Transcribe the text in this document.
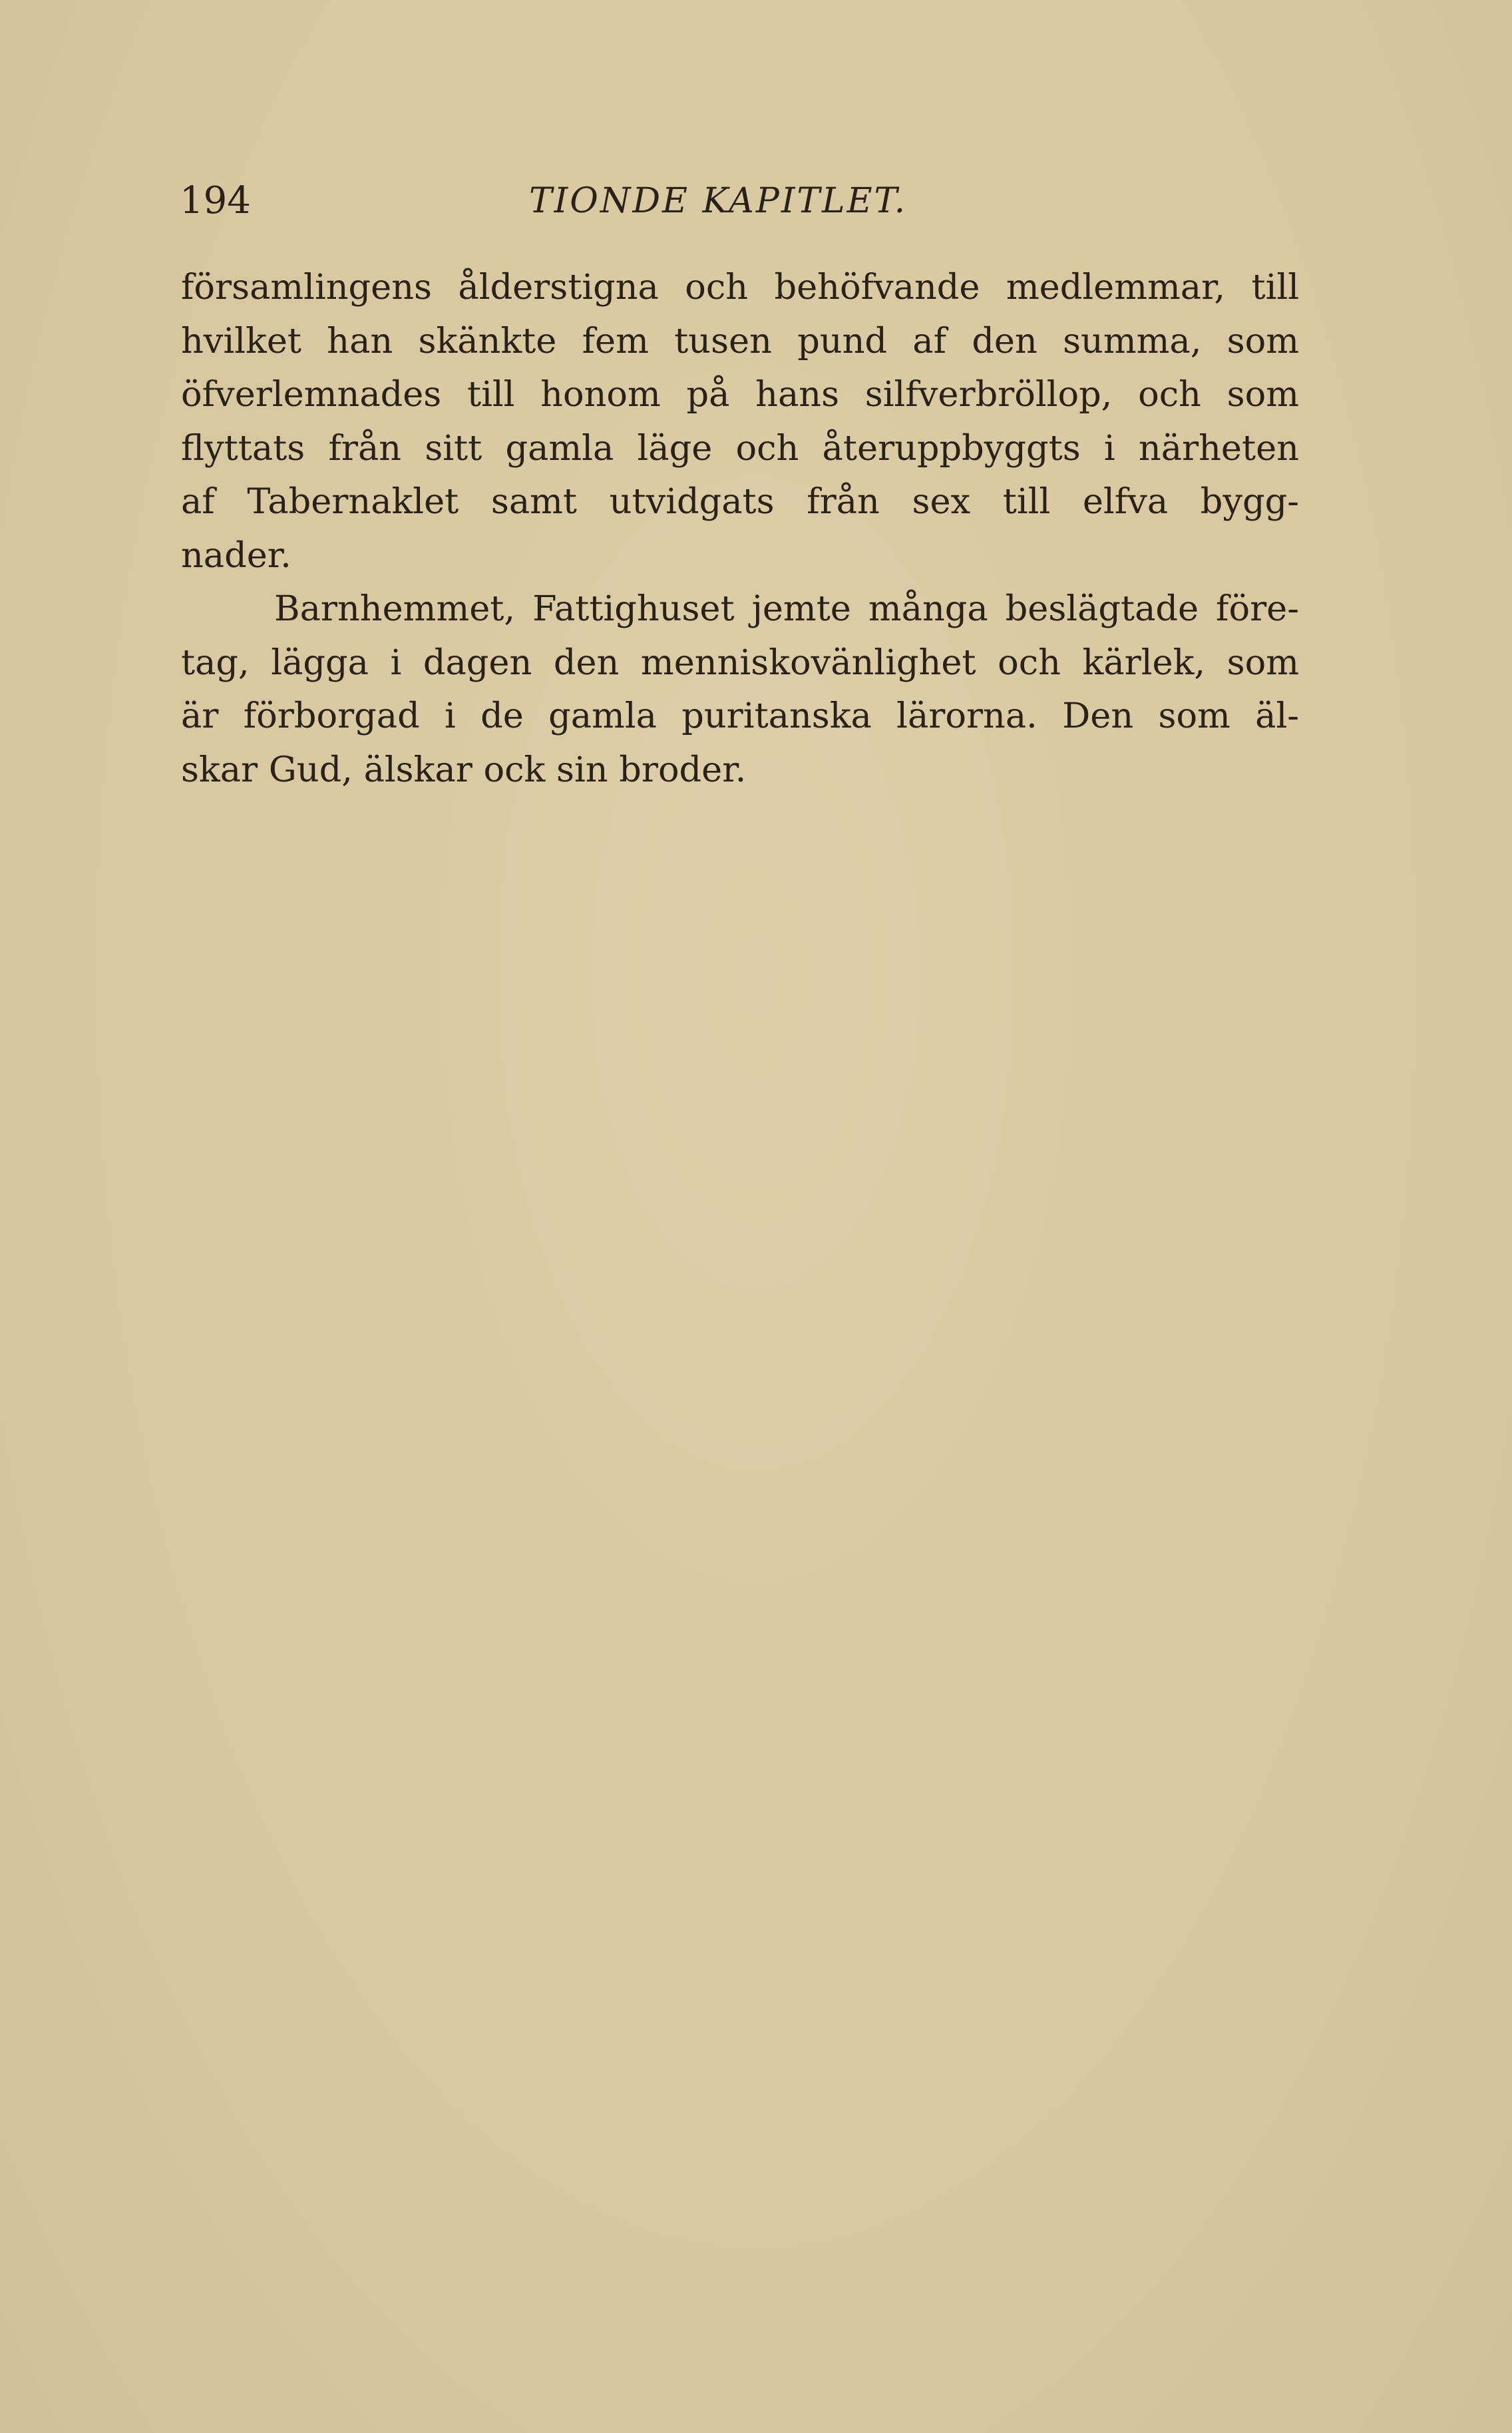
194	TIONDE KAPITLET.
församlingens ålderstigna och behöfvande medlemmar, till
hvilket han skänkte fem tusen pund af den summa, som
öfverlemnades till honom på hans silfverbröllop, och som
flyttats från sitt gamla läge och återuppbyggts i närheten
af Tabernaklet samt utvidgats från sex till elfva bygg-
nader.
Barnhemmet, Fattighuset jemte många beslägtade före-
tag, lägga i dagen den menniskovänlighet och kärlek, som
är förborgad i de gamla puritanska lärorna. Den som äl-
skar Gud, älskar ock sin broder.
